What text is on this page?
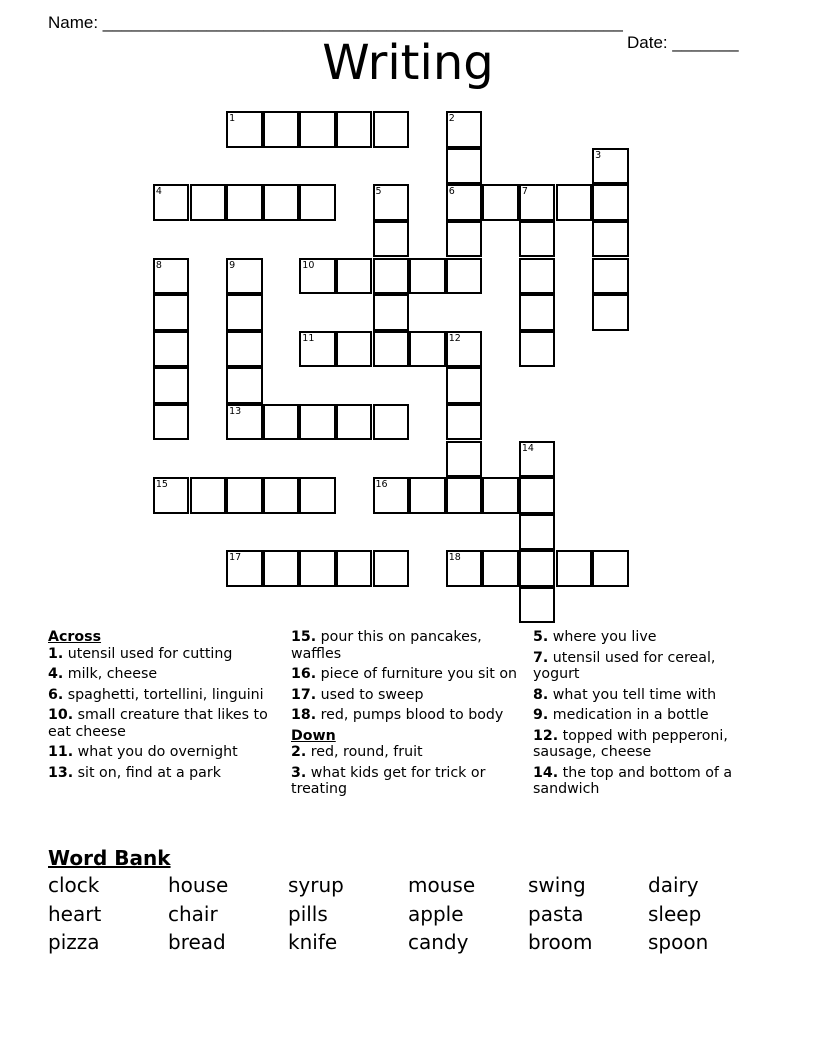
Name: _______________________________________________________

Date: _______

Writing
1	2
3
4	5	6	7
8	9	10
11	12
13
14
15	16
17	18
Across
1. utensil used for cutting
4. milk, cheese
6. spaghetti, tortellini, linguini
10. small creature that likes to eat cheese
11. what you do overnight
13. sit on, find at a park
15. pour this on pancakes, waffles
16. piece of furniture you sit on
17. used to sweep
18. red, pumps blood to body
Down
2. red, round, fruit
3. what kids get for trick or treating
5. where you live
7. utensil used for cereal, yogurt
8. what you tell time with
9. medication in a bottle
12. topped with pepperoni, sausage, cheese
14. the top and bottom of a sandwich
Word Bank
clock	house	syrup	mouse	swing	dairy
heart	chair	pills	apple	pasta	sleep
pizza	bread	knife	candy	broom	spoon
